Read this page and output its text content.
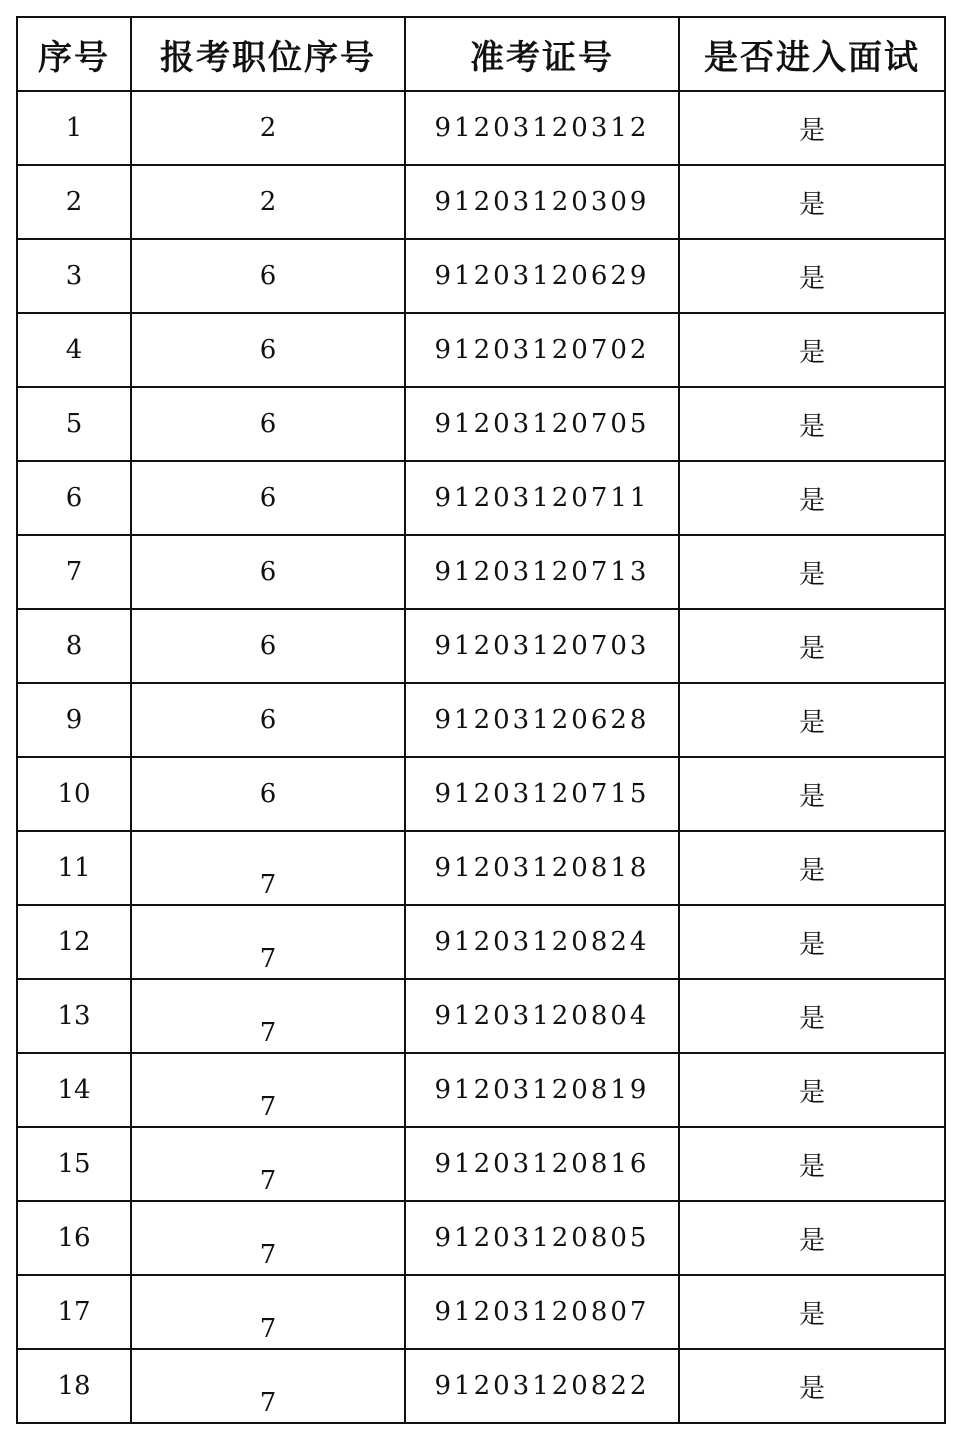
序号	报考职位序号	准考证号	是否进入面试
1	2	91203120312	是
2	2	91203120309	是
3	6	91203120629	是
4	6	91203120702	是
5	6	91203120705	是
6	6	91203120711	是
7	6	91203120713	是
8	6	91203120703	是
9	6	91203120628	是
10	6	91203120715	是
11	7	91203120818	是
12	7	91203120824	是
13	7	91203120804	是
14	7	91203120819	是
15	7	91203120816	是
16	7	91203120805	是
17	7	91203120807	是
18	7	91203120822	是
